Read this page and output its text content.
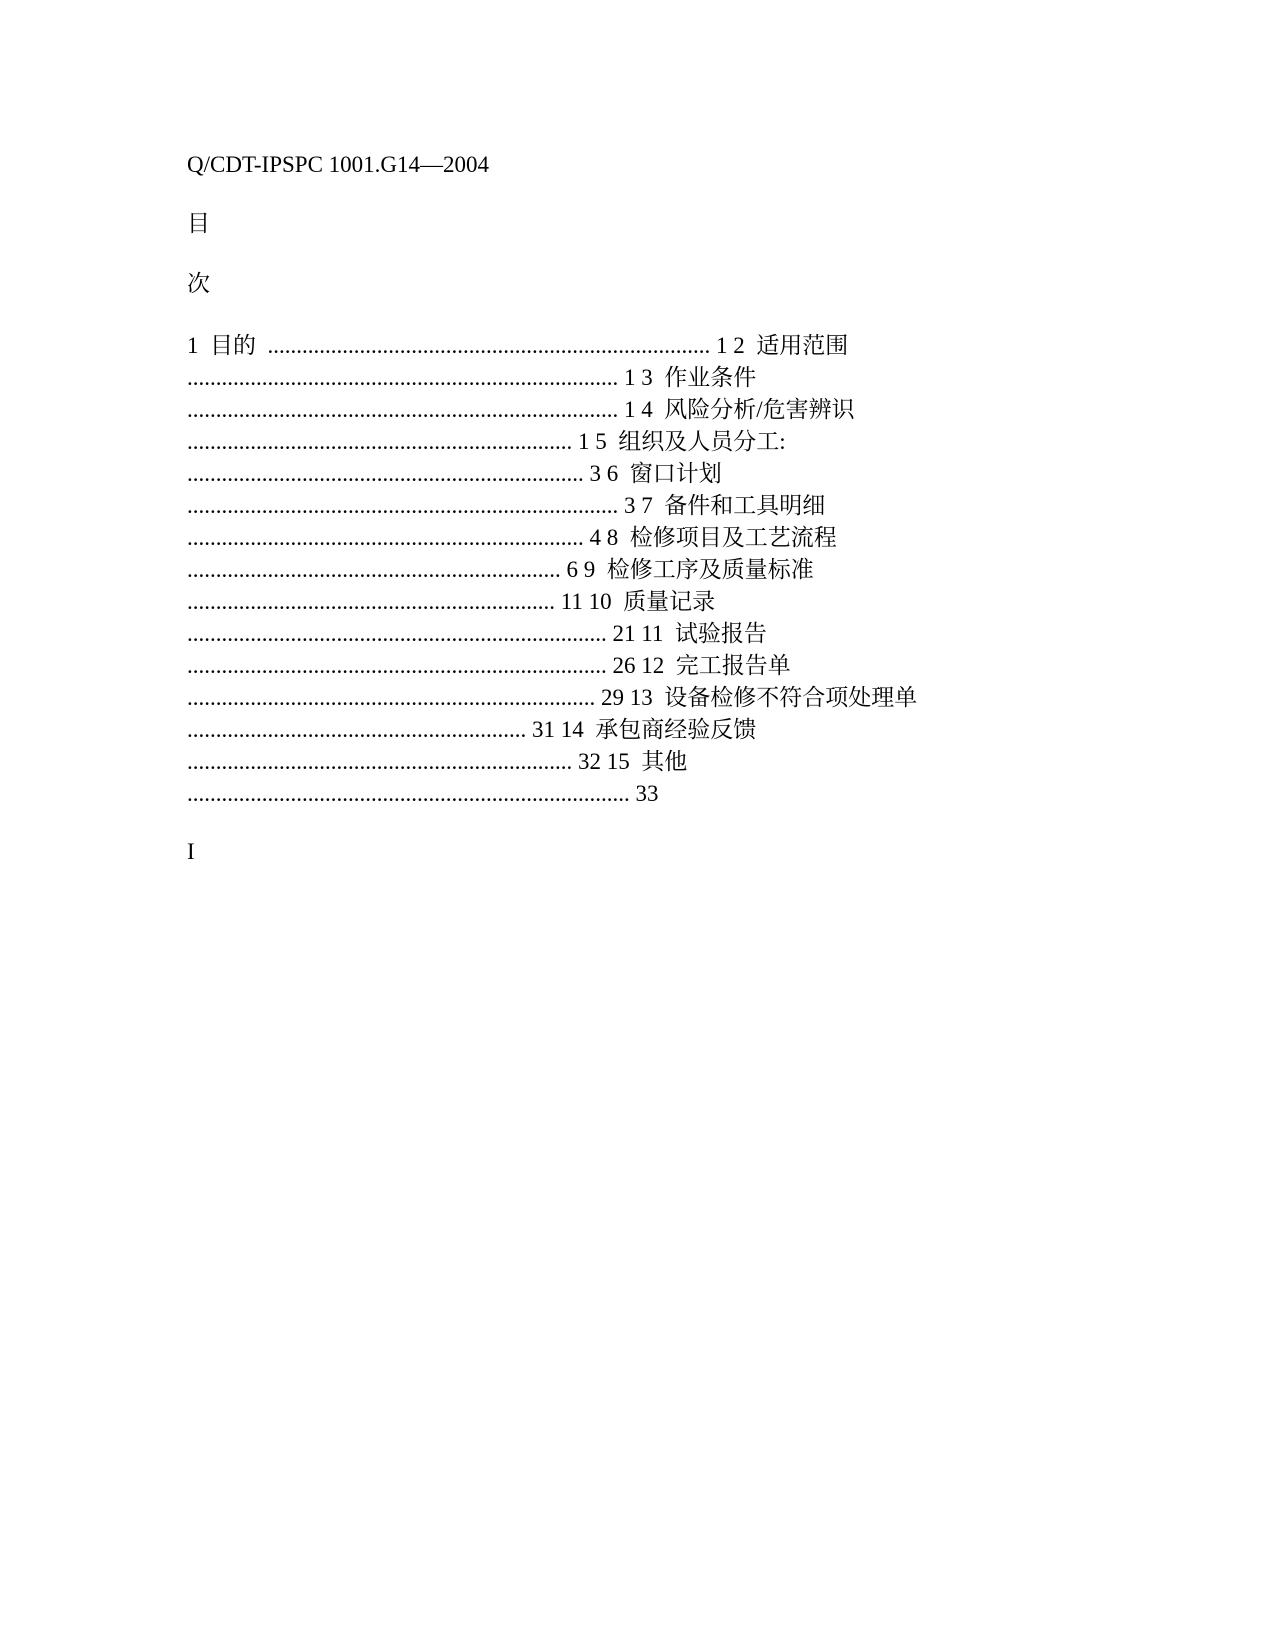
Q/CDT-IPSPC 1001.G14—2004
目
次
1  目的  ............................................................................. 1 2  适用范围
........................................................................... 1 3  作业条件
........................................................................... 1 4  风险分析/危害辨识
................................................................... 1 5  组织及人员分工:
..................................................................... 3 6  窗口计划
........................................................................... 3 7  备件和工具明细
..................................................................... 4 8  检修项目及工艺流程
................................................................. 6 9  检修工序及质量标准
................................................................ 11 10  质量记录
......................................................................... 21 11  试验报告
......................................................................... 26 12  完工报告单
....................................................................... 29 13  设备检修不符合项处理单
........................................................... 31 14  承包商经验反馈
................................................................... 32 15  其他
............................................................................. 33
I
